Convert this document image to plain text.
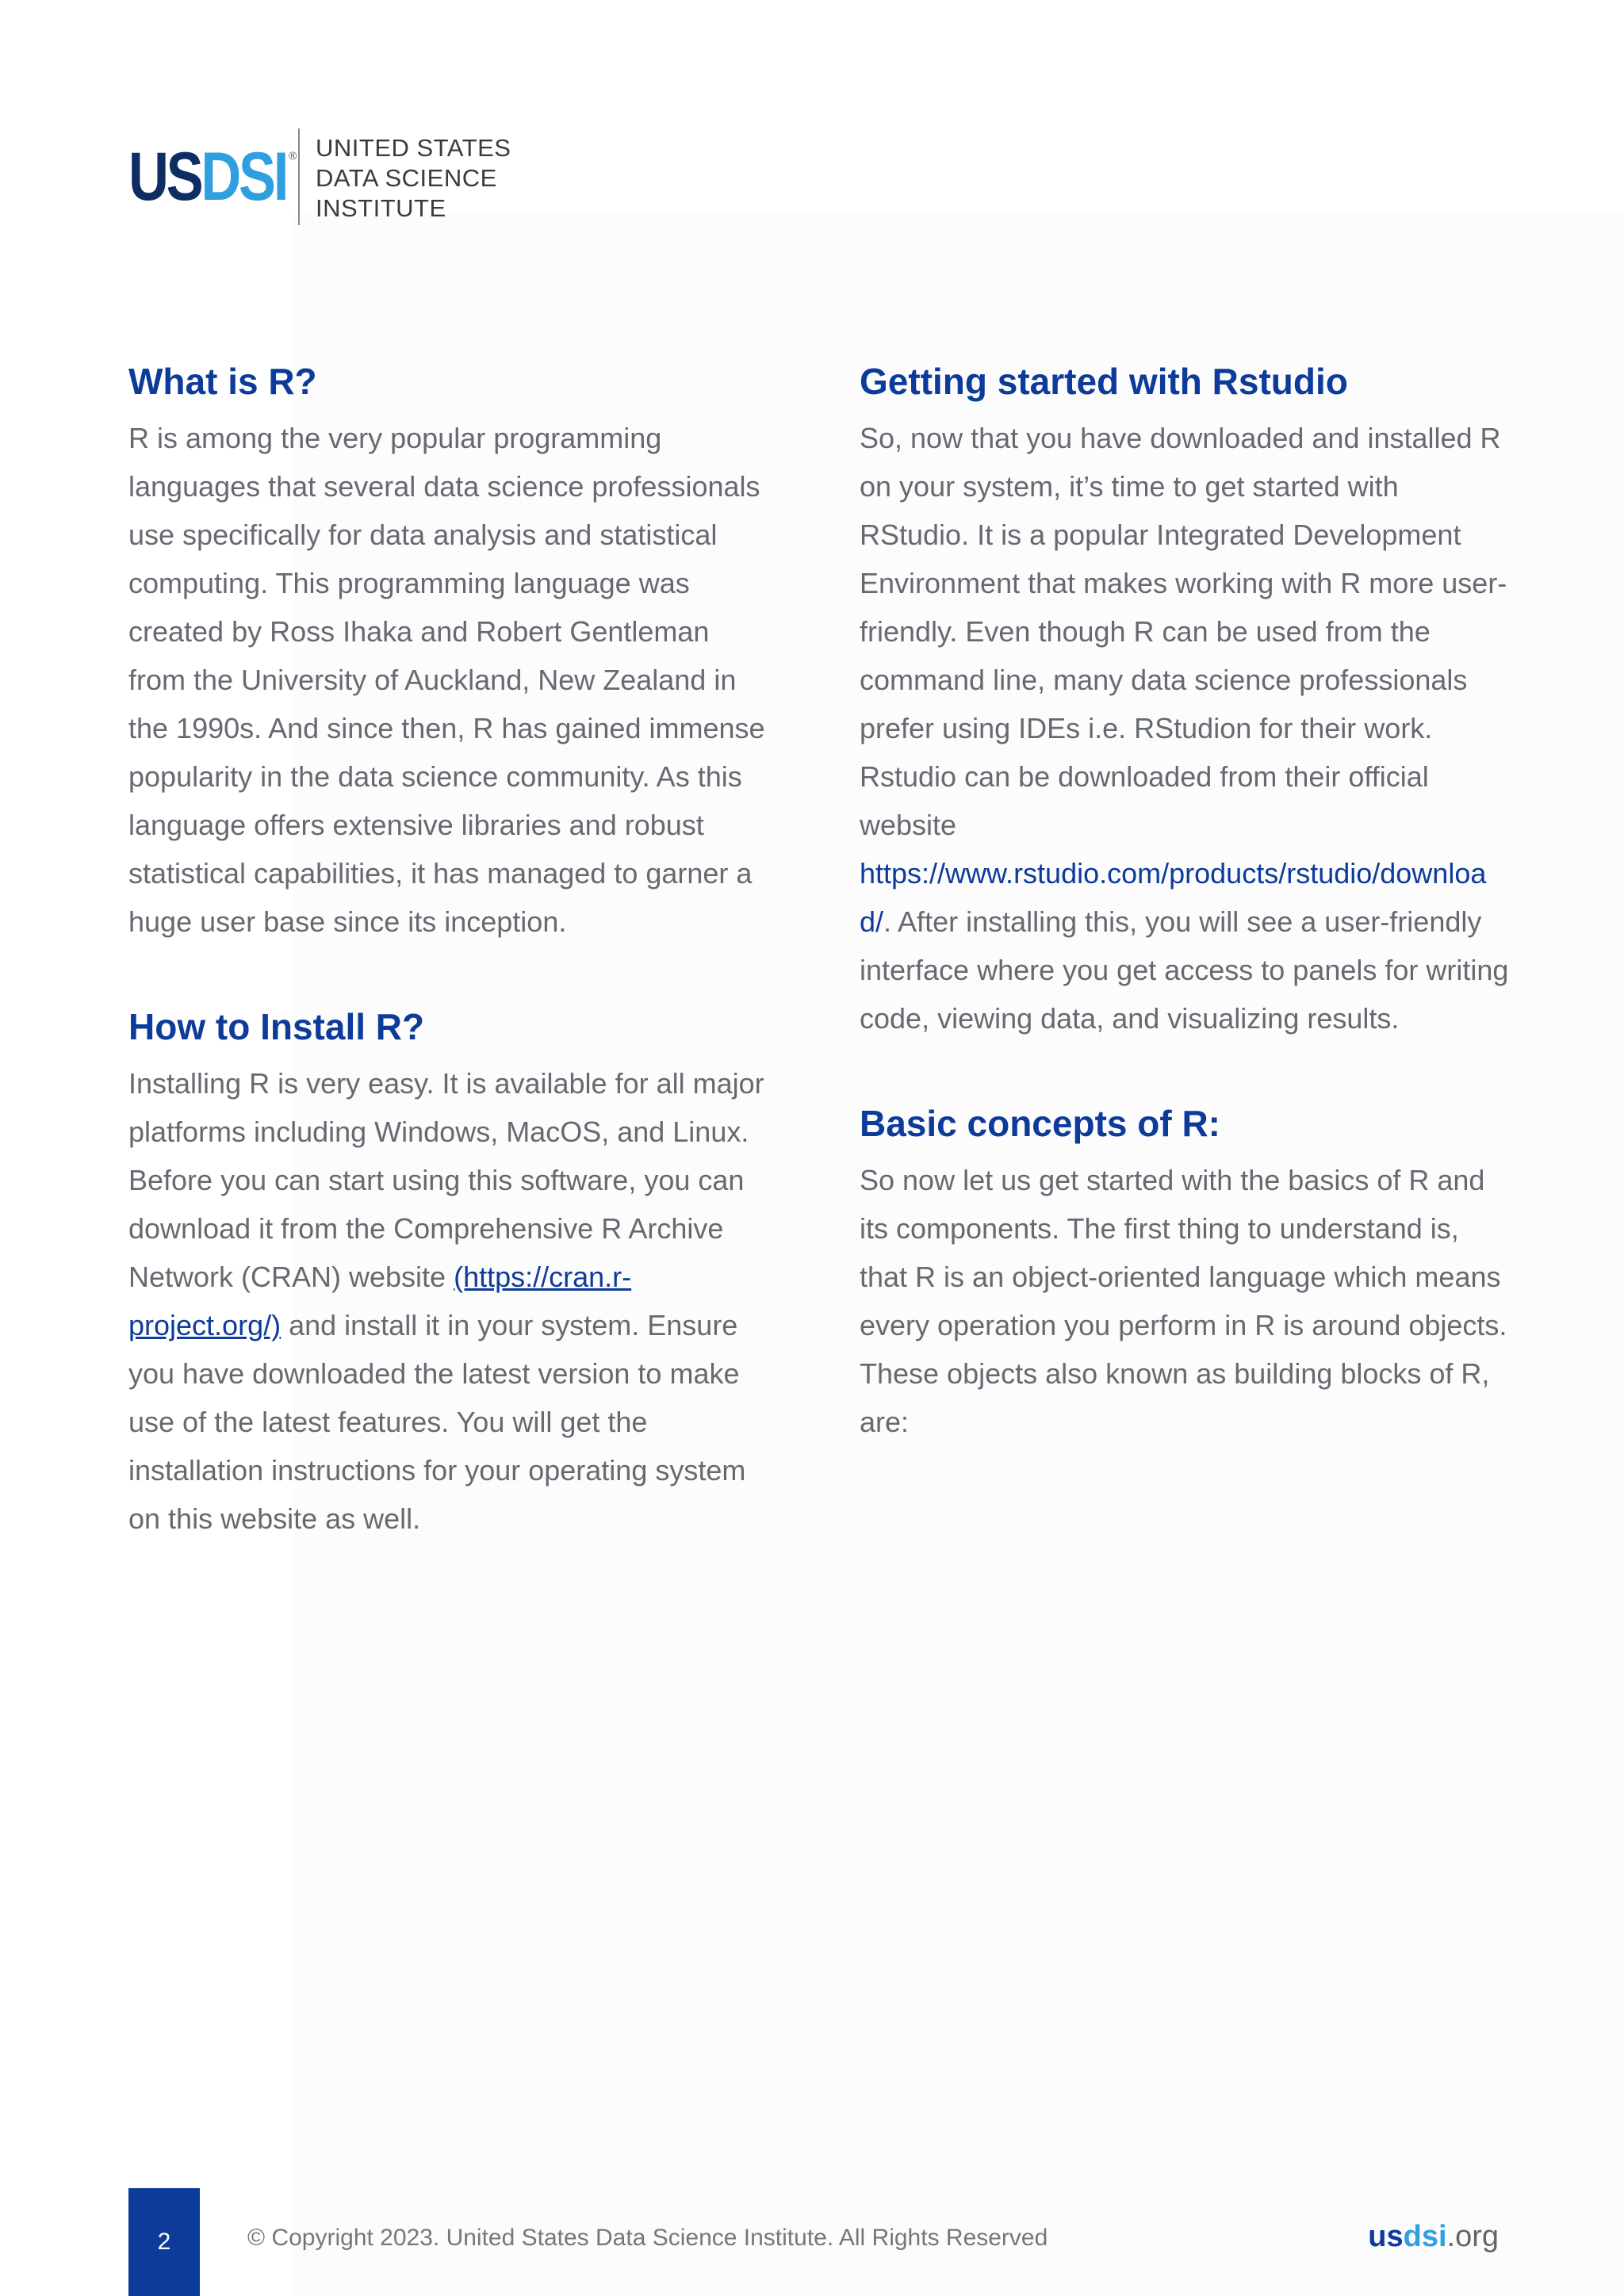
US DSI ® UNITED STATES
DATA SCIENCE
INSTITUTE
What is R?

R is among the very popular programming languages that several data science professionals use specifically for data analysis and statistical computing. This programming language was created by Ross Ihaka and Robert Gentleman from the University of Auckland, New Zealand in the 1990s. And since then, R has gained immense popularity in the data science community. As this language offers extensive libraries and robust statistical capabilities, it has managed to garner a huge user base since its inception.

How to Install R?

Installing R is very easy. It is available for all major platforms including Windows, MacOS, and Linux. Before you can start using this software, you can download it from the Comprehensive R Archive Network (CRAN) website (https://cran.r-project.org/) and install it in your system. Ensure you have downloaded the latest version to make use of the latest features. You will get the installation instructions for your operating system on this website as well.

Getting started with Rstudio

So, now that you have downloaded and installed R on your system, it’s time to get started with RStudio. It is a popular Integrated Development Environment that makes working with R more user-friendly. Even though R can be used from the command line, many data science professionals prefer using IDEs i.e. RStudion for their work.

Rstudio can be downloaded from their official website
https://www.rstudio.com/products/rstudio/download/. After installing this, you will see a user-friendly interface where you get access to panels for writing code, viewing data, and visualizing results.

Basic concepts of R:

So now let us get started with the basics of R and its components. The first thing to understand is, that R is an object-oriented language which means every operation you perform in R is around objects. These objects also known as building blocks of R, are:

2	© Copyright 2023. United States Data Science Institute. All Rights Reserved	usdsi.org
